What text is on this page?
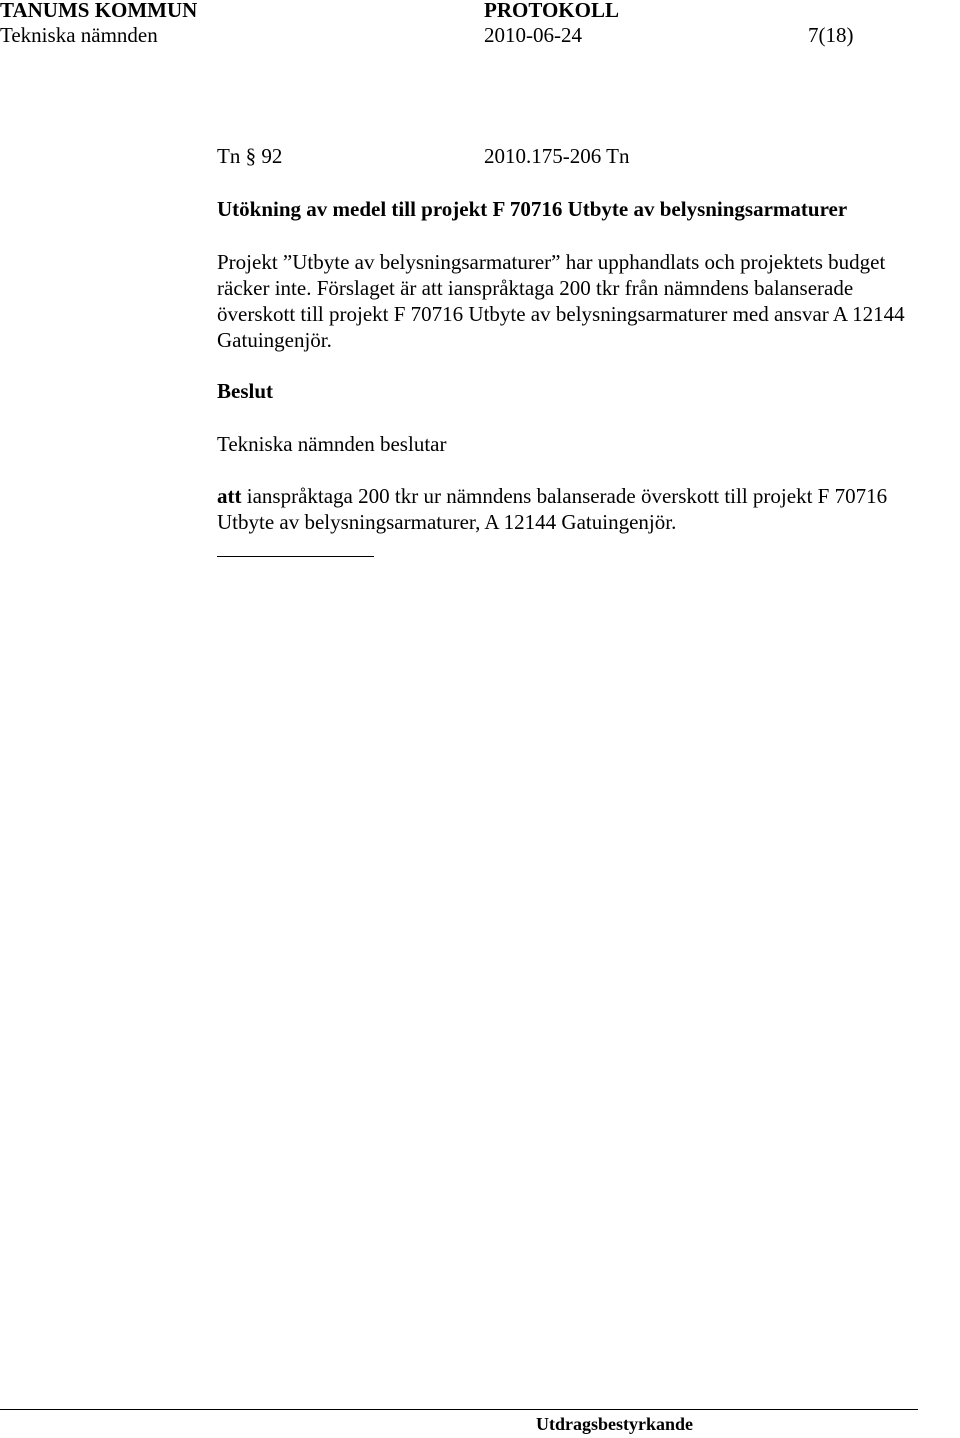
TANUMS KOMMUN	PROTOKOLL
Tekniska nämnden	2010-06-24	7(18)
Tn § 92	2010.175-206 Tn
Utökning av medel till projekt F 70716 Utbyte av belysningsarmaturer
Projekt ”Utbyte av belysningsarmaturer” har upphandlats och projektets budget
räcker inte. Förslaget är att ianspråktaga 200 tkr från nämndens balanserade
överskott till projekt F 70716 Utbyte av belysningsarmaturer med ansvar A 12144
Gatuingenjör.
Beslut
Tekniska nämnden beslutar
att ianspråktaga 200 tkr ur nämndens balanserade överskott till projekt F 70716
Utbyte av belysningsarmaturer, A 12144 Gatuingenjör.
Utdragsbestyrkande
